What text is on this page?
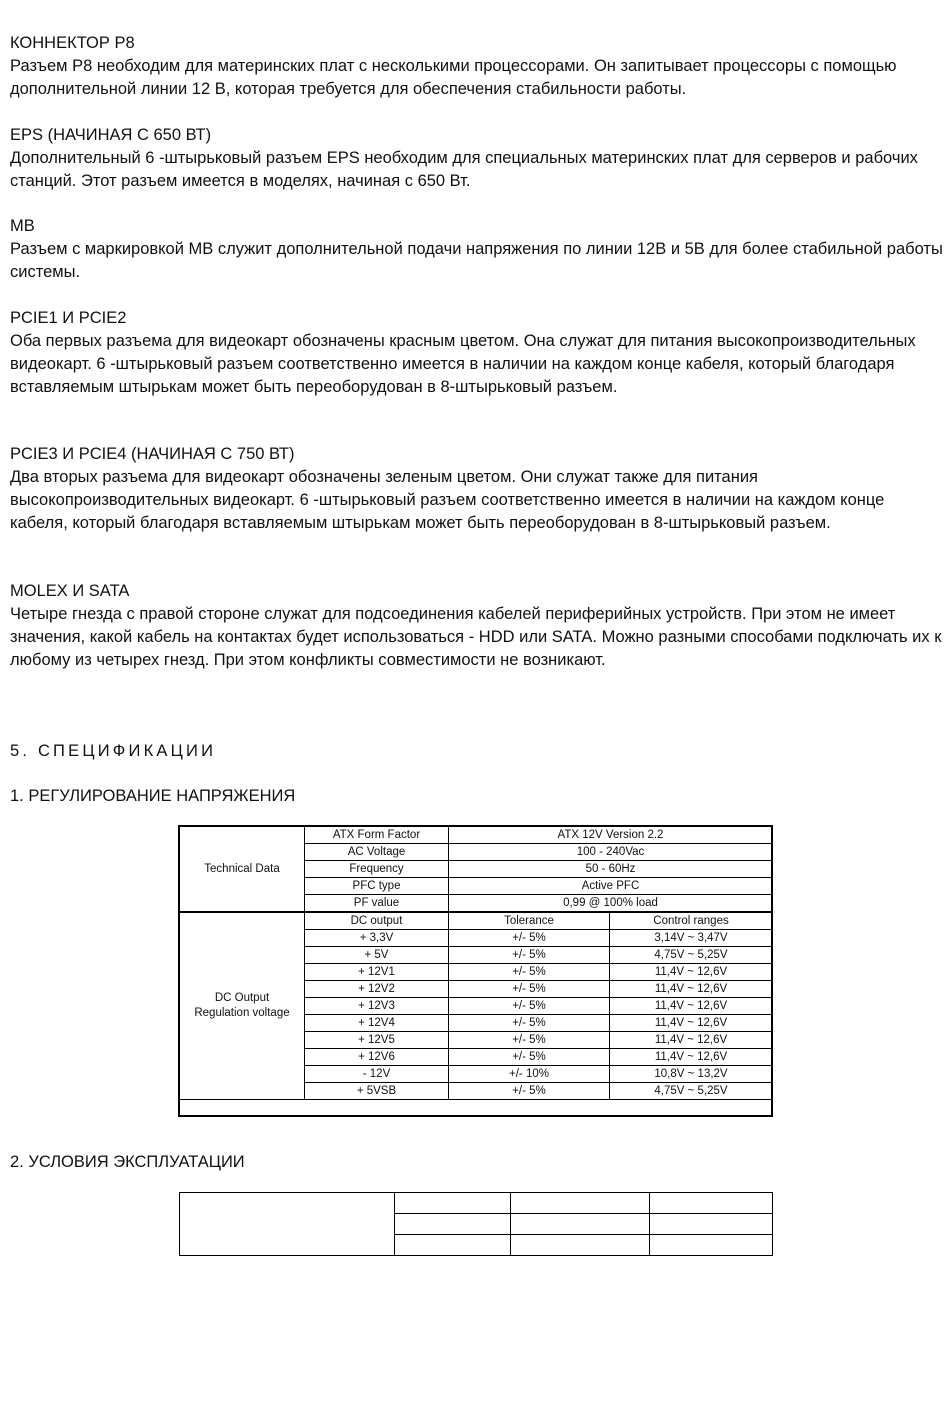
КОННЕКТОР Р8
Разъем Р8 необходим для материнских плат с несколькими процессорами. Он запитывает процессоры с помощью дополнительной линии 12 В, которая требуется для обеспечения стабильности работы.
EPS (НАЧИНАЯ С 650 ВТ)
Дополнительный 6 -штырьковый разъем EPS необходим для специальных материнских плат для серверов и рабочих станций. Этот разъем имеется в моделях, начиная с 650 Вт.
MB
Разъем с маркировкой MB служит дополнительной подачи напряжения по линии 12В и 5В для более стабильной работы системы.
PCIE1 И PCIE2
Оба первых разъема для видеокарт обозначены красным цветом. Она служат для питания высокопроизводительных видеокарт. 6 -штырьковый разъем соответственно имеется в наличии на каждом конце кабеля, который благодаря вставляемым штырькам может быть переоборудован в 8-штырьковый разъем.
PCIE3 И PCIE4 (НАЧИНАЯ С 750 ВТ)
Два вторых разъема для видеокарт обозначены зеленым цветом. Они служат также для питания высокопроизводительных видеокарт. 6 -штырьковый разъем соответственно имеется в наличии на каждом конце кабеля, который благодаря вставляемым штырькам может быть переоборудован в 8-штырьковый разъем.
MOLEX И SATA
Четыре гнезда с правой стороне служат для подсоединения кабелей периферийных устройств. При этом не имеет значения, какой кабель на контактах будет использоваться - HDD или SATA. Можно разными способами подключать их к любому из четырех гнезд. При этом конфликты совместимости не возникают.
5. СПЕЦИФИКАЦИИ
1. РЕГУЛИРОВАНИЕ НАПРЯЖЕНИЯ
Technical Data	ATX Form Factor	ATX 12V Version 2.2	
	AC Voltage	100 - 240Vac	
	Frequency	50 - 60Hz	
	PFC type	Active PFC	
	PF value	0,99 @ 100% load	
DC Output
Regulation voltage	DC output	Tolerance	Control ranges
	+ 3,3V	+/- 5%	3,14V ~ 3,47V
	+ 5V	+/- 5%	4,75V ~ 5,25V
	+ 12V1	+/- 5%	11,4V ~ 12,6V
	+ 12V2	+/- 5%	11,4V ~ 12,6V
	+ 12V3	+/- 5%	11,4V ~ 12,6V
	+ 12V4	+/- 5%	11,4V ~ 12,6V
	+ 12V5	+/- 5%	11,4V ~ 12,6V
	+ 12V6	+/- 5%	11,4V ~ 12,6V
	- 12V	+/- 10%	10,8V ~ 13,2V
	+ 5VSB	+/- 5%	4,75V ~ 5,25V
2. УСЛОВИЯ ЭКСПЛУАТАЦИИ
